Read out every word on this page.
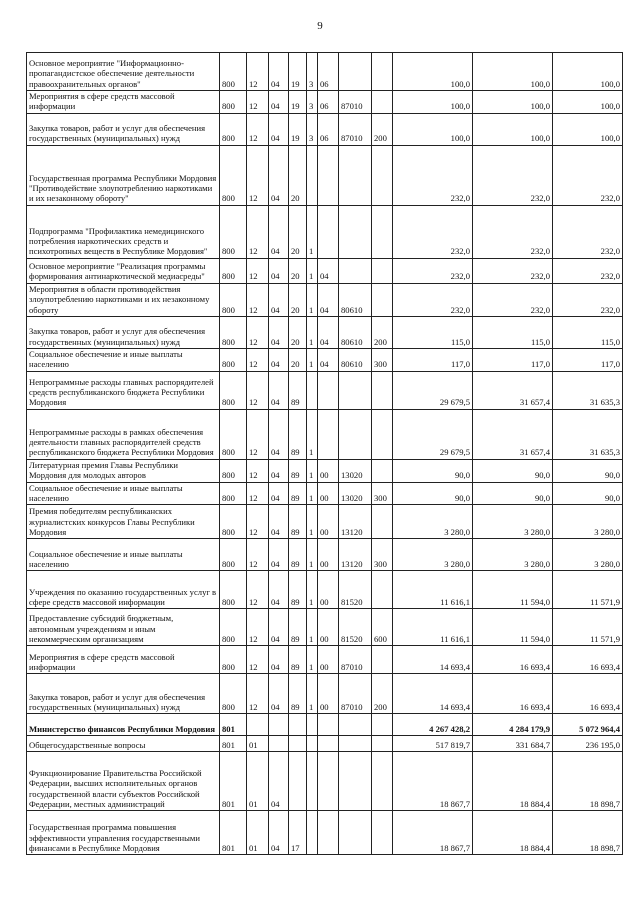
9
Основное мероприятие "Информационно-пропагандистское обеспечение деятельности правоохранительных органов"	800	12	04	19	3	06			100,0	100,0	100,0
Мероприятия в сфере средств массовой информации	800	12	04	19	3	06	87010		100,0	100,0	100,0
Закупка товаров, работ и услуг для обеспечения государственных (муниципальных) нужд	800	12	04	19	3	06	87010	200	100,0	100,0	100,0
Государственная программа Республики Мордовия "Противодействие злоупотреблению наркотиками и их незаконному обороту"	800	12	04	20					232,0	232,0	232,0
Подпрограмма "Профилактика немедицинского потребления наркотических средств и психотропных веществ в Республике Мордовия"	800	12	04	20	1				232,0	232,0	232,0
Основное мероприятие "Реализация программы формирования антинаркотической медиасреды"	800	12	04	20	1	04			232,0	232,0	232,0
Мероприятия в области противодействия злоупотреблению наркотиками и их незаконному обороту	800	12	04	20	1	04	80610		232,0	232,0	232,0
Закупка товаров, работ и услуг для обеспечения государственных (муниципальных) нужд	800	12	04	20	1	04	80610	200	115,0	115,0	115,0
Социальное обеспечение и иные выплаты населению	800	12	04	20	1	04	80610	300	117,0	117,0	117,0
Непрограммные расходы главных распорядителей средств республиканского бюджета Республики Мордовия	800	12	04	89					29 679,5	31 657,4	31 635,3
Непрограммные расходы в рамках обеспечения деятельности главных распорядителей средств республиканского бюджета Республики Мордовия	800	12	04	89	1				29 679,5	31 657,4	31 635,3
Литературная премия Главы Республики Мордовия для молодых авторов	800	12	04	89	1	00	13020		90,0	90,0	90,0
Социальное обеспечение и иные выплаты населению	800	12	04	89	1	00	13020	300	90,0	90,0	90,0
Премия победителям республиканских журналистских конкурсов Главы Республики Мордовия	800	12	04	89	1	00	13120		3 280,0	3 280,0	3 280,0
Социальное обеспечение и иные выплаты населению	800	12	04	89	1	00	13120	300	3 280,0	3 280,0	3 280,0
Учреждения по оказанию государственных услуг в сфере средств массовой информации	800	12	04	89	1	00	81520		11 616,1	11 594,0	11 571,9
Предоставление субсидий бюджетным, автономным учреждениям и иным некоммерческим организациям	800	12	04	89	1	00	81520	600	11 616,1	11 594,0	11 571,9
Мероприятия в сфере средств массовой информации	800	12	04	89	1	00	87010		14 693,4	16 693,4	16 693,4
Закупка товаров, работ и услуг для обеспечения государственных (муниципальных) нужд	800	12	04	89	1	00	87010	200	14 693,4	16 693,4	16 693,4
Министерство финансов Республики Мордовия	801								4 267 428,2	4 284 179,9	5 072 964,4
Общегосударственные вопросы	801	01							517 819,7	331 684,7	236 195,0
Функционирование Правительства Российской Федерации, высших исполнительных органов государственной власти субъектов Российской Федерации, местных администраций	801	01	04						18 867,7	18 884,4	18 898,7
Государственная программа повышения эффективности управления государственными финансами в Республике Мордовия	801	01	04	17					18 867,7	18 884,4	18 898,7
